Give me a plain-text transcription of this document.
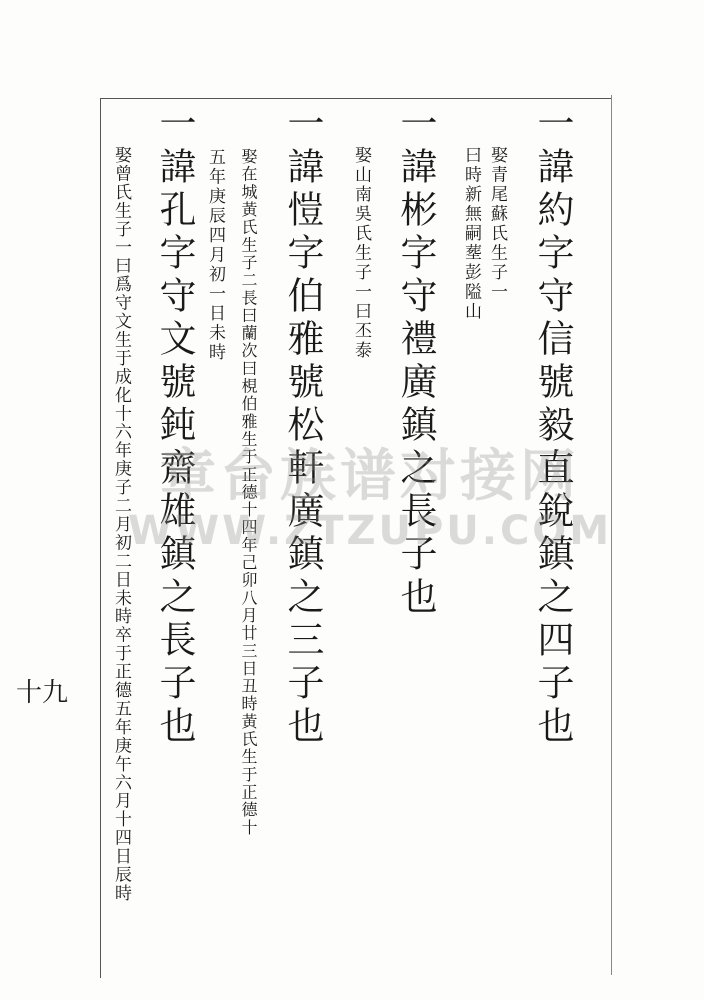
一諱約字守信號毅直銳鎮之四子也
娶青尾蘇氏生子一
曰時新無嗣塟彭隘山
一諱彬字守禮廣鎮之長子也
娶山南吳氏生子一曰丕泰
一諱愷字伯雅號松軒廣鎮之三子也
娶在城黃氏生子二長曰蘭次曰梘伯雅生于正德十四年己卯八月廿三日丑時黃氏生于正德十
五年庚辰四月初一日未時
一諱孔字守文號鈍齋雄鎮之長子也
娶曾氏生子一曰爲守文生于成化十六年庚子二月初二日未時卒于正德五年庚午六月十四日辰時
十九
章台族谱对接网
WWW.ZTZUPU.COM
